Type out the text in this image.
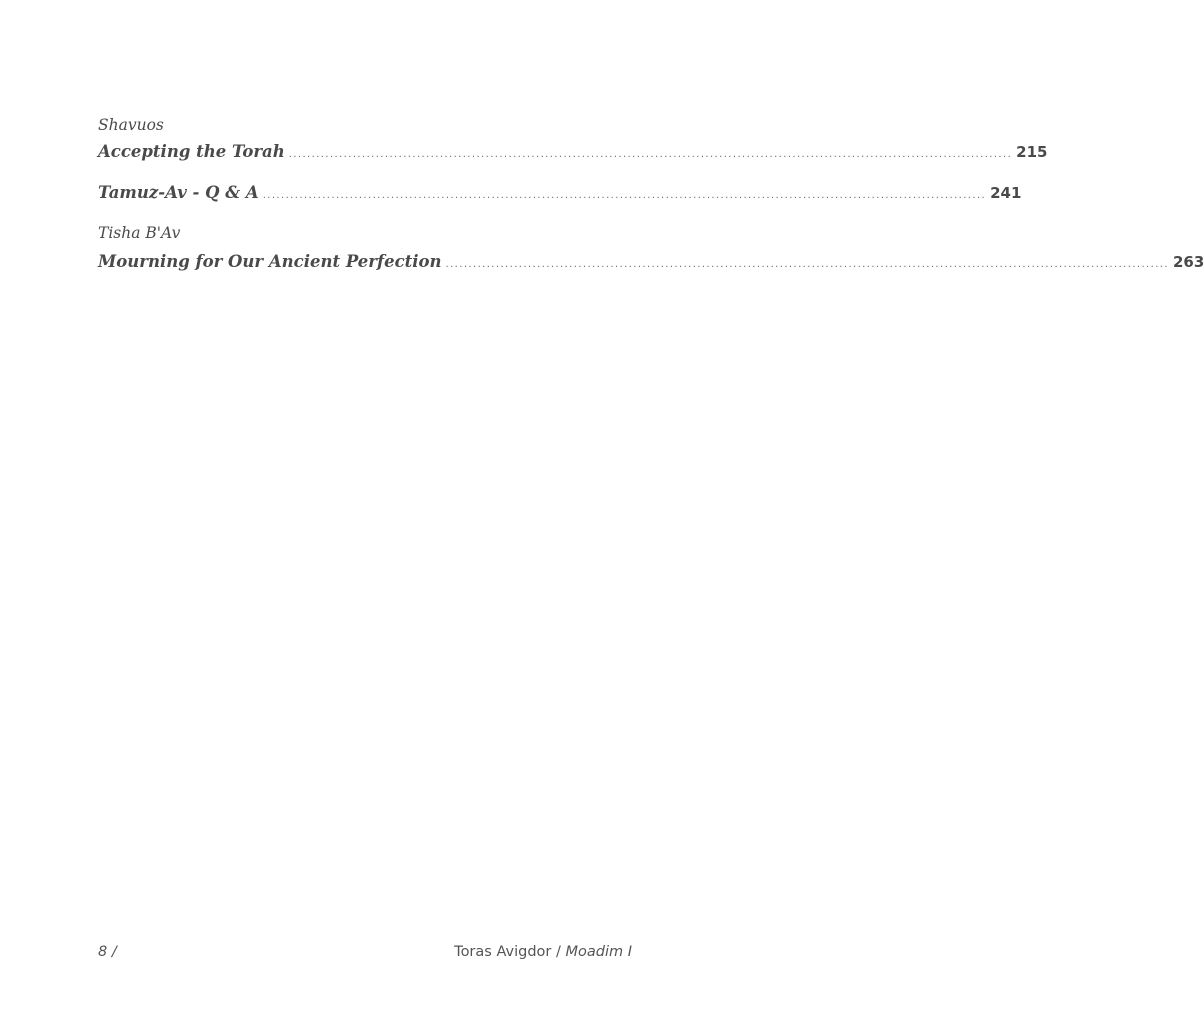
Shavuos
Accepting the Torah .............................................................................................................................................................. 215
Tamuz-Av - Q & A .............................................................................................................................................................. 241
Tisha B'Av
Mourning for Our Ancient Perfection .............................................................................................................................................................. 263
8 /	Toras Avigdor / Moadim I
